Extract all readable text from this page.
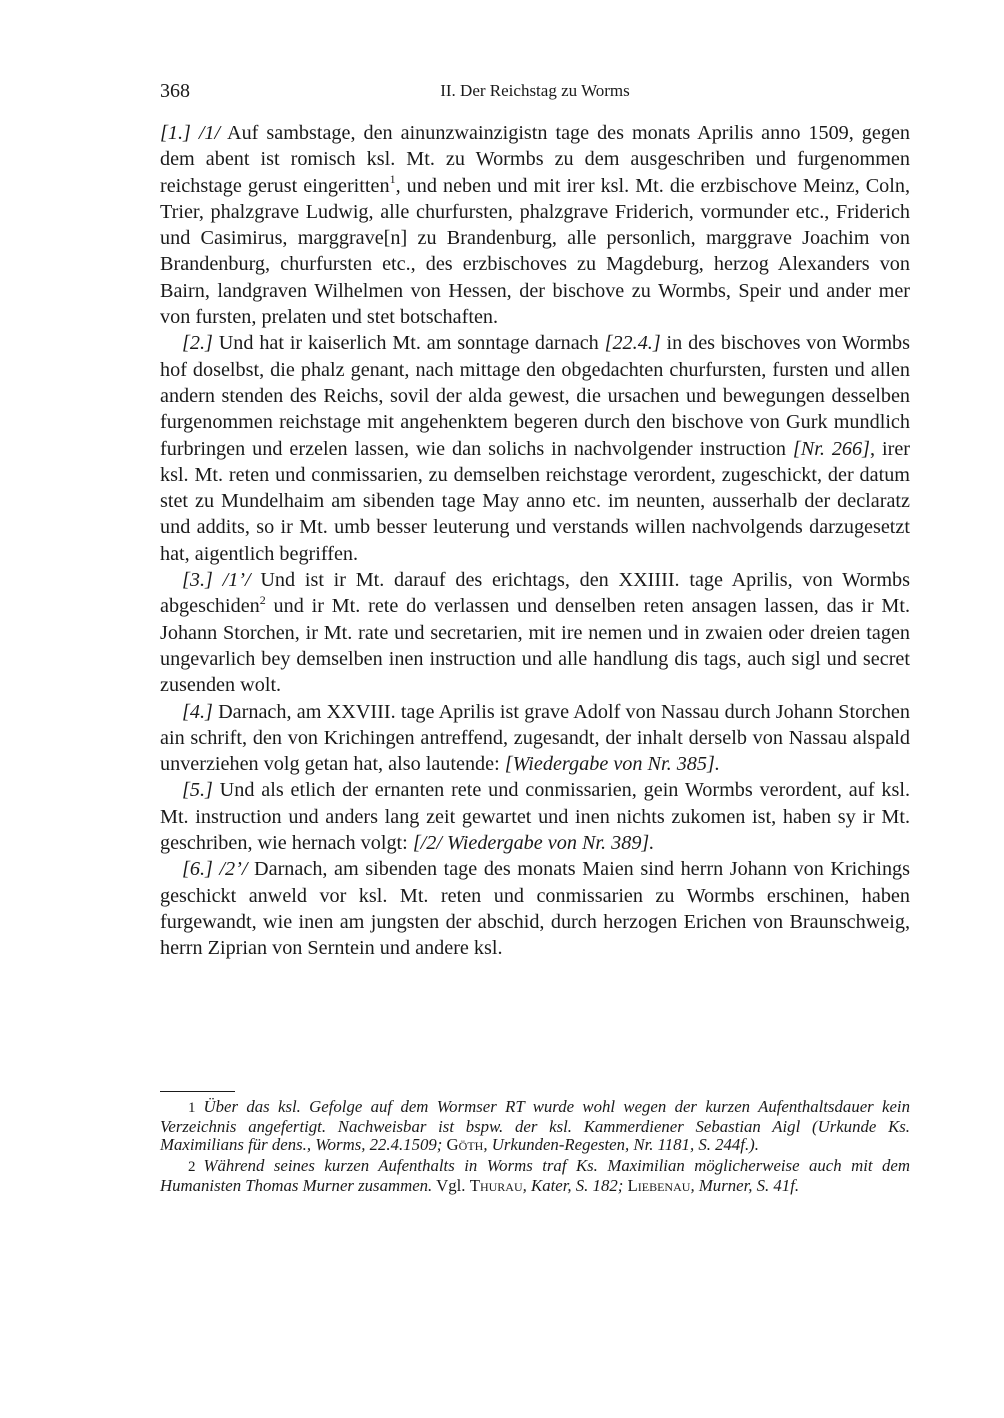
368	II. Der Reichstag zu Worms

[1.] /1/ Auf sambstage, den ainunzwainzigistn tage des monats Aprilis anno 1509, gegen dem abent ist romisch ksl. Mt. zu Wormbs zu dem ausgeschriben und furgenommen reichstage gerust eingeritten$^1$, und neben und mit irer ksl. Mt. die erzbischove Meinz, Coln, Trier, phalzgrave Ludwig, alle churfursten, phalzgrave Friderich, vormunder etc., Friderich und Casimirus, marggrave[n] zu Brandenburg, alle personlich, marggrave Joachim von Brandenburg, churfursten etc., des erzbischoves zu Magdeburg, herzog Alexanders von Bairn, landgraven Wilhelmen von Hessen, der bischove zu Wormbs, Speir und ander mer von fursten, prelaten und stet botschaften.

[2.] Und hat ir kaiserlich Mt. am sonntage darnach [22.4.] in des bischoves von Wormbs hof doselbst, die phalz genant, nach mittage den obgedachten churfursten, fursten und allen andern stenden des Reichs, sovil der alda gewest, die ursachen und bewegungen desselben furgenommen reichstage mit angehenktem begeren durch den bischove von Gurk mundlich furbringen und erzelen lassen, wie dan solichs in nachvolgender instruction [Nr. 266], irer ksl. Mt. reten und conmissarien, zu demselben reichstage verordent, zugeschickt, der datum stet zu Mundelhaim am sibenden tage May anno etc. im neunten, ausserhalb der declaratz und addits, so ir Mt. umb besser leuterung und verstands willen nachvolgends darzugesetzt hat, aigentlich begriffen.

[3.] /1’/ Und ist ir Mt. darauf des erichtags, den XXIIII. tage Aprilis, von Wormbs abgeschiden$^2$ und ir Mt. rete do verlassen und denselben reten ansagen lassen, das ir Mt. Johann Storchen, ir Mt. rate und secretarien, mit ire nemen und in zwaien oder dreien tagen ungevarlich bey demselben inen instruction und alle handlung dis tags, auch sigl und secret zusenden wolt.

[4.] Darnach, am XXVIII. tage Aprilis ist grave Adolf von Nassau durch Johann Storchen ain schrift, den von Krichingen antreffend, zugesandt, der inhalt derselb von Nassau alspald unverziehen volg getan hat, also lautende: [Wiedergabe von Nr. 385].

[5.] Und als etlich der ernanten rete und conmissarien, gein Wormbs verordent, auf ksl. Mt. instruction und anders lang zeit gewartet und inen nichts zukomen ist, haben sy ir Mt. geschriben, wie hernach volgt: [/2/ Wiedergabe von Nr. 389].

[6.] /2’/ Darnach, am sibenden tage des monats Maien sind herrn Johann von Krichings geschickt anweld vor ksl. Mt. reten und conmissarien zu Wormbs erschinen, haben furgewandt, wie inen am jungsten der abschid, durch herzogen Erichen von Braunschweig, herrn Ziprian von Serntein und andere ksl.

1 Über das ksl. Gefolge auf dem Wormser RT wurde wohl wegen der kurzen Aufenthaltsdauer kein Verzeichnis angefertigt. Nachweisbar ist bspw. der ksl. Kammerdiener Sebastian Aigl (Urkunde Ks. Maximilians für dens., Worms, 22.4.1509; Göth, Urkunden-Regesten, Nr. 1181, S. 244f.).

2 Während seines kurzen Aufenthalts in Worms traf Ks. Maximilian möglicherweise auch mit dem Humanisten Thomas Murner zusammen. Vgl. Thurau, Kater, S. 182; Liebenau, Murner, S. 41f.
